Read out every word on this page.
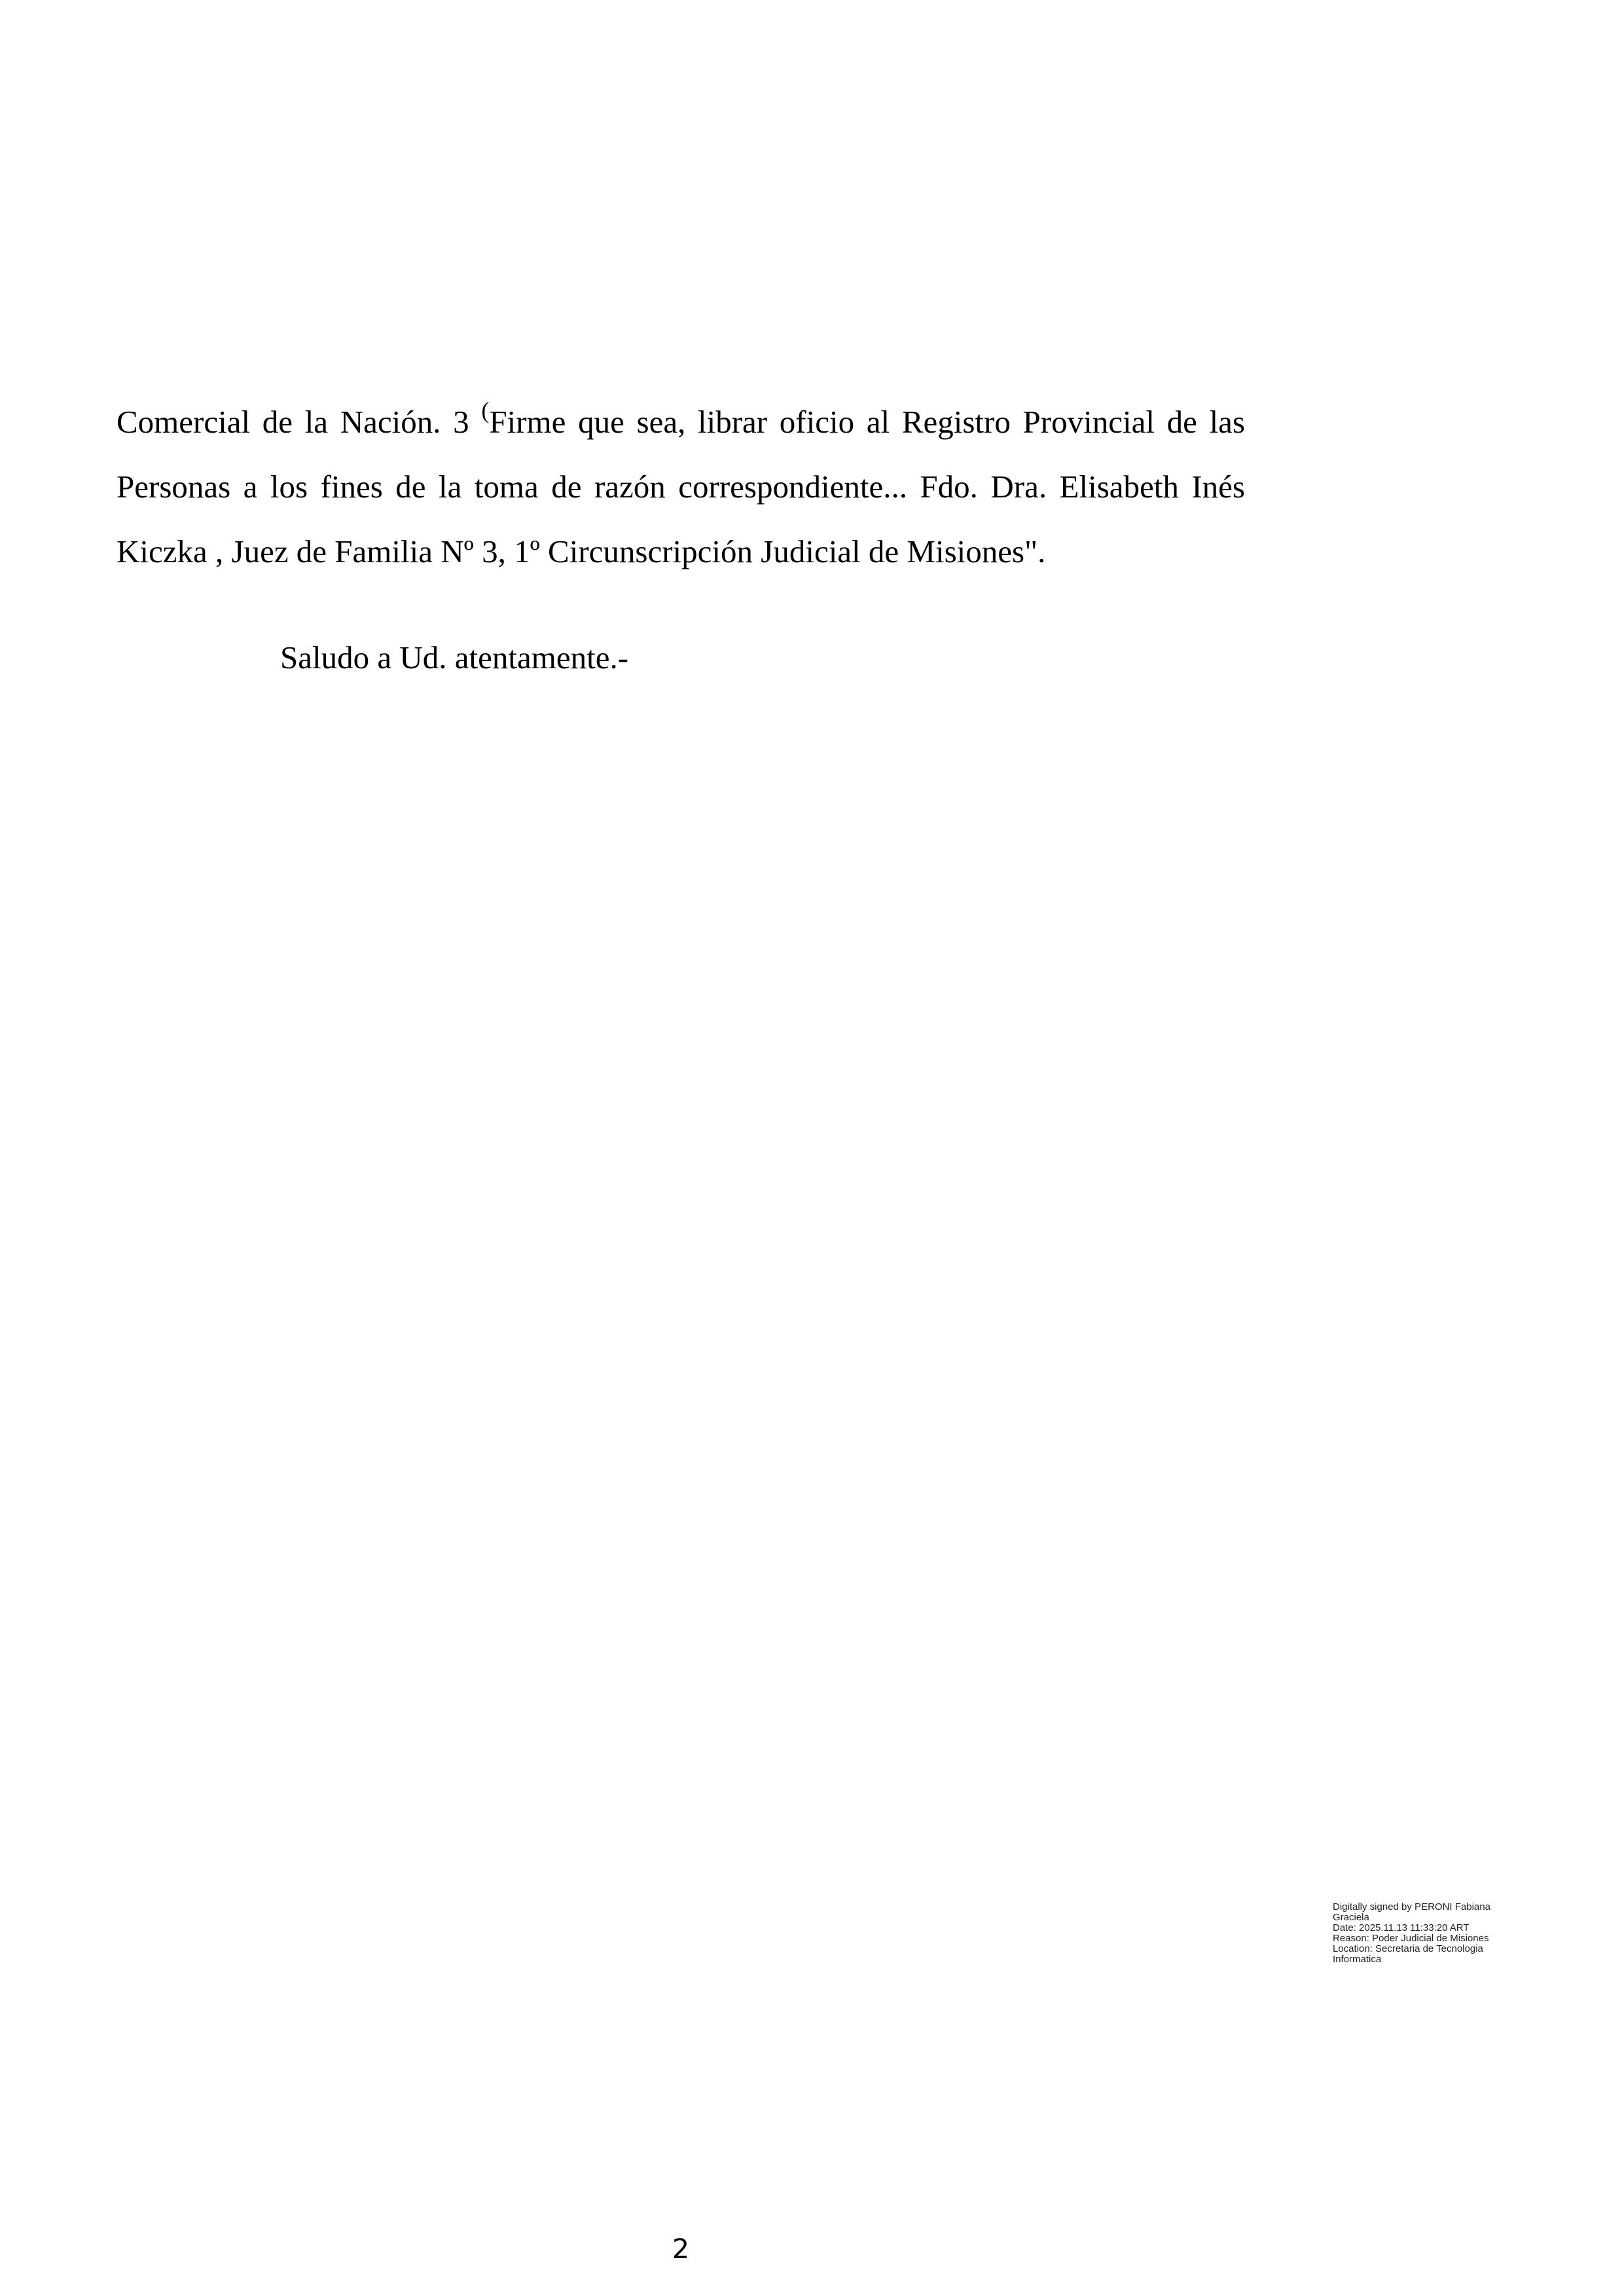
Comercial de la Nación. 3 (Firme que sea, librar oficio al Registro Provincial de las
Personas a los fines de la toma de razón correspondiente... Fdo. Dra. Elisabeth Inés
Kiczka , Juez de Familia Nº 3, 1º Circunscripción Judicial de Misiones".
Saludo a Ud. atentamente.-
Digitally signed by PERONI Fabiana
Graciela
Date: 2025.11.13 11:33:20 ART
Reason: Poder Judicial de Misiones
Location: Secretaria de Tecnologia
Informatica
2
